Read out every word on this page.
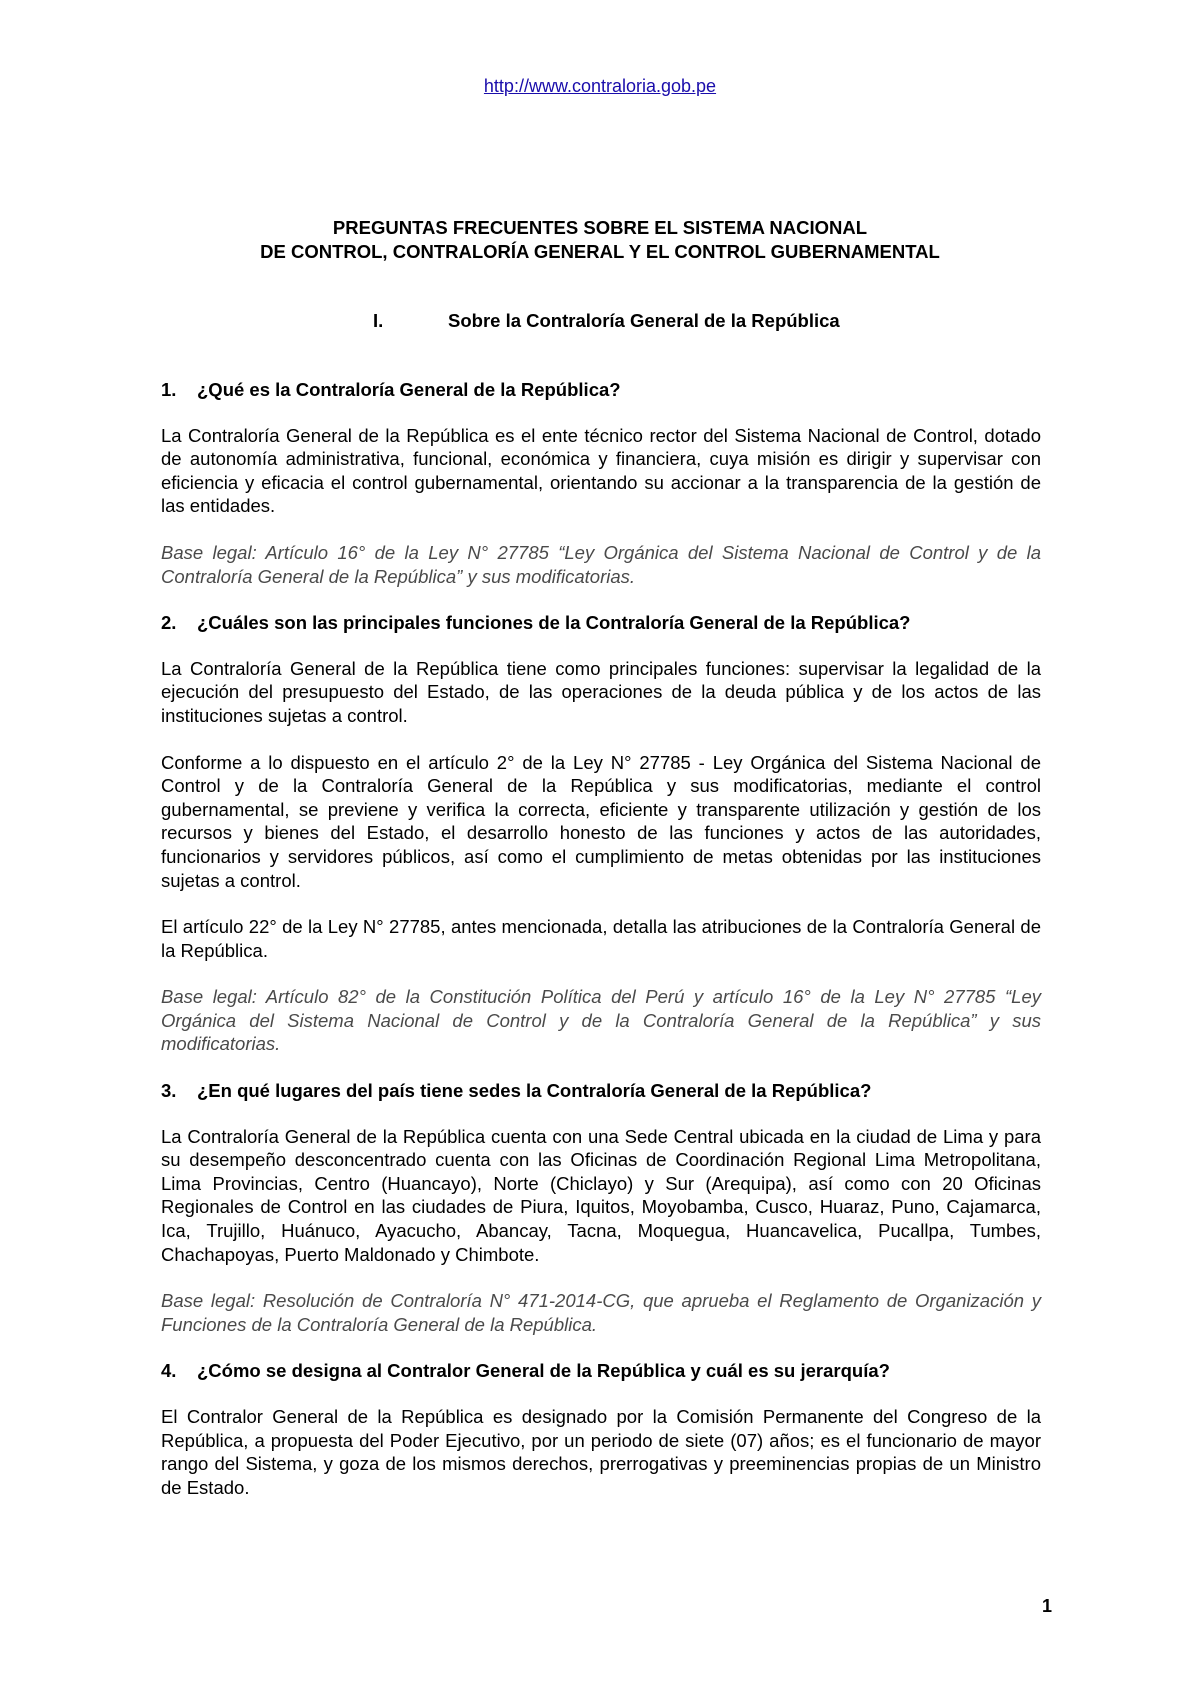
http://www.contraloria.gob.pe
PREGUNTAS FRECUENTES SOBRE EL SISTEMA NACIONAL
DE CONTROL, CONTRALORÍA GENERAL Y EL CONTROL GUBERNAMENTAL
I.	Sobre la Contraloría General de la República
1. ¿Qué es la Contraloría General de la República?
La Contraloría General de la República es el ente técnico rector del Sistema Nacional de Control, dotado de autonomía administrativa, funcional, económica y financiera, cuya misión es dirigir y supervisar con eficiencia y eficacia el control gubernamental, orientando su accionar a la transparencia de la gestión de las entidades.
Base legal: Artículo 16° de la Ley N° 27785 “Ley Orgánica del Sistema Nacional de Control y de la Contraloría General de la República” y sus modificatorias.
2. ¿Cuáles son las principales funciones de la Contraloría General de la República?
La Contraloría General de la República tiene como principales funciones: supervisar la legalidad de la ejecución del presupuesto del Estado, de las operaciones de la deuda pública y de los actos de las instituciones sujetas a control.
Conforme a lo dispuesto en el artículo 2° de la Ley N° 27785 - Ley Orgánica del Sistema Nacional de Control y de la Contraloría General de la República y sus modificatorias, mediante el control gubernamental, se previene y verifica la correcta, eficiente y transparente utilización y gestión de los recursos y bienes del Estado, el desarrollo honesto de las funciones y actos de las autoridades, funcionarios y servidores públicos, así como el cumplimiento de metas obtenidas por las instituciones sujetas a control.
El artículo 22° de la Ley N° 27785, antes mencionada, detalla las atribuciones de la Contraloría General de la República.
Base legal: Artículo 82° de la Constitución Política del Perú y artículo 16° de la Ley N° 27785 “Ley Orgánica del Sistema Nacional de Control y de la Contraloría General de la República” y sus modificatorias.
3. ¿En qué lugares del país tiene sedes la Contraloría General de la República?
La Contraloría General de la República cuenta con una Sede Central ubicada en la ciudad de Lima y para su desempeño desconcentrado cuenta con las Oficinas de Coordinación Regional Lima Metropolitana, Lima Provincias, Centro (Huancayo), Norte (Chiclayo) y Sur (Arequipa), así como con 20 Oficinas Regionales de Control en las ciudades de Piura, Iquitos, Moyobamba, Cusco, Huaraz, Puno, Cajamarca, Ica, Trujillo, Huánuco, Ayacucho, Abancay, Tacna, Moquegua, Huancavelica, Pucallpa, Tumbes, Chachapoyas, Puerto Maldonado y Chimbote.
Base legal: Resolución de Contraloría N° 471-2014-CG, que aprueba el Reglamento de Organización y Funciones de la Contraloría General de la República.
4. ¿Cómo se designa al Contralor General de la República y cuál es su jerarquía?
El Contralor General de la República es designado por la Comisión Permanente del Congreso de la República, a propuesta del Poder Ejecutivo, por un periodo de siete (07) años; es el funcionario de mayor rango del Sistema, y goza de los mismos derechos, prerrogativas y preeminencias propias de un Ministro de Estado.
1
